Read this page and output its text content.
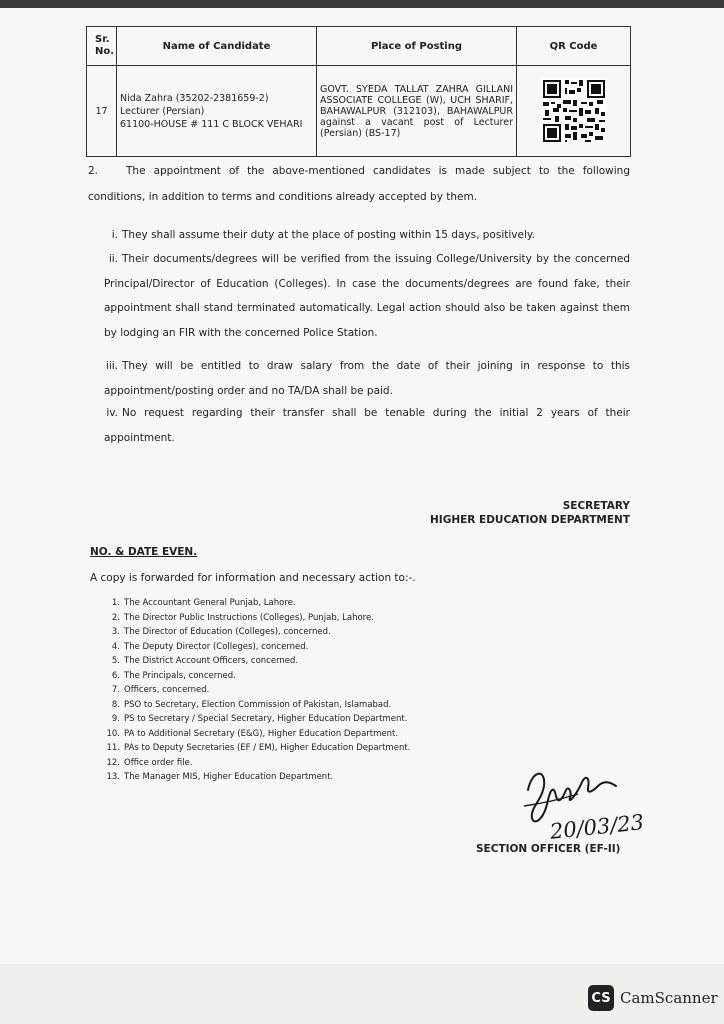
Sr.
No.	Name of Candidate	Place of Posting	QR Code
17	Nida Zahra (35202-2381659-2)
Lecturer (Persian)
61100-HOUSE # 111 C BLOCK VEHARI	GOVT. SYEDA TALLAT ZAHRA GILLANI ASSOCIATE COLLEGE (W), UCH SHARIF, BAHAWALPUR (312103), BAHAWALPUR against a vacant post of Lecturer (Persian) (BS-17)	
2.	The appointment of the above-mentioned candidates is made subject to the following conditions, in addition to terms and conditions already accepted by them.
i. They shall assume their duty at the place of posting within 15 days, positively.
ii. Their documents/degrees will be verified from the issuing College/University by the concerned Principal/Director of Education (Colleges). In case the documents/degrees are found fake, their appointment shall stand terminated automatically. Legal action should also be taken against them by lodging an FIR with the concerned Police Station.
iii. They will be entitled to draw salary from the date of their joining in response to this appointment/posting order and no TA/DA shall be paid.
iv. No request regarding their transfer shall be tenable during the initial 2 years of their appointment.
SECRETARY
HIGHER EDUCATION DEPARTMENT
NO. & DATE EVEN.
A copy is forwarded for information and necessary action to:-.
1. The Accountant General Punjab, Lahore.
2. The Director Public Instructions (Colleges), Punjab, Lahore.
3. The Director of Education (Colleges), concerned.
4. The Deputy Director (Colleges), concerned.
5. The District Account Officers, concerned.
6. The Principals, concerned.
7. Officers, concerned.
8. PSO to Secretary, Election Commission of Pakistan, Islamabad.
9. PS to Secretary / Special Secretary, Higher Education Department.
10. PA to Additional Secretary (E&G), Higher Education Department.
11. PAs to Deputy Secretaries (EF / EM), Higher Education Department.
12. Office order file.
13. The Manager MIS, Higher Education Department.
20/03/23
SECTION OFFICER (EF-II)
CS CamScanner
